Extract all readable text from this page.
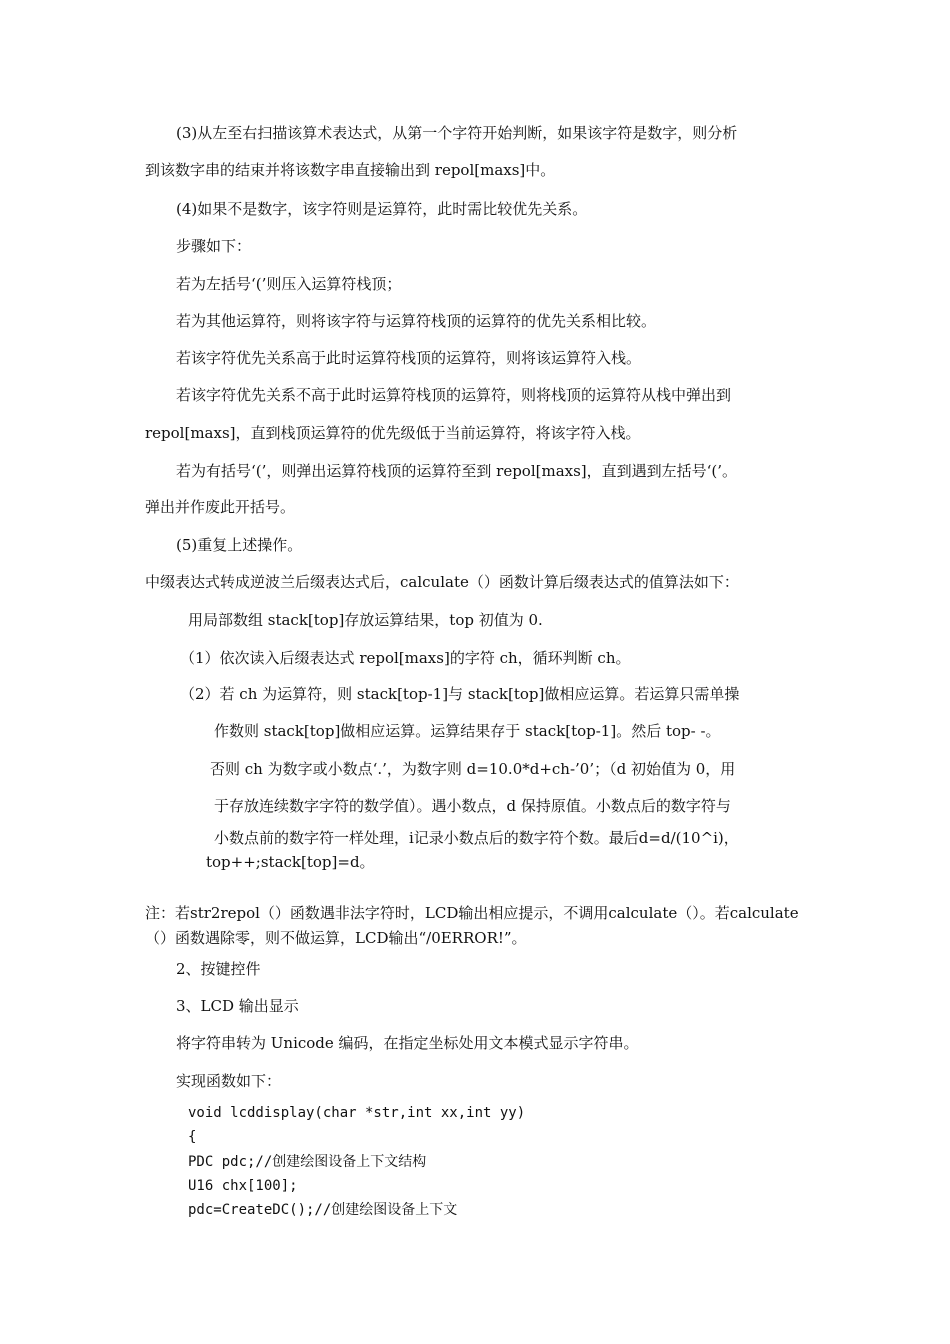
(3)从左至右扫描该算术表达式，从第一个字符开始判断，如果该字符是数字，则分析
到该数字串的结束并将该数字串直接输出到 repol[maxs]中。
(4)如果不是数字，该字符则是运算符，此时需比较优先关系。
步骤如下：
若为左括号‘(’则压入运算符栈顶；
若为其他运算符，则将该字符与运算符栈顶的运算符的优先关系相比较。
若该字符优先关系高于此时运算符栈顶的运算符，则将该运算符入栈。
若该字符优先关系不高于此时运算符栈顶的运算符，则将栈顶的运算符从栈中弹出到
repol[maxs]，直到栈顶运算符的优先级低于当前运算符，将该字符入栈。
若为有括号‘(’，则弹出运算符栈顶的运算符至到 repol[maxs]，直到遇到左括号‘(’。
弹出并作废此开括号。
(5)重复上述操作。
中缀表达式转成逆波兰后缀表达式后，calculate（）函数计算后缀表达式的值算法如下：
用局部数组 stack[top]存放运算结果，top 初值为 0.
（1）依次读入后缀表达式 repol[maxs]的字符 ch，循环判断 ch。
（2）若 ch 为运算符，则 stack[top-1]与 stack[top]做相应运算。若运算只需单操
作数则 stack[top]做相应运算。运算结果存于 stack[top-1]。然后 top- -。
否则 ch 为数字或小数点‘.’，为数字则 d=10.0*d+ch-’0’；（d 初始值为 0，用
于存放连续数字字符的数学值）。遇小数点，d 保持原值。小数点后的数字符与
小数点前的数字符一样处理，i记录小数点后的数字符个数。最后d=d/(10^i)，
top++;stack[top]=d。
注：若str2repol（）函数遇非法字符时，LCD输出相应提示，不调用calculate（）。若calculate
（）函数遇除零，则不做运算，LCD输出“/0ERROR!”。
2、按键控件
3、LCD 输出显示
将字符串转为 Unicode 编码，在指定坐标处用文本模式显示字符串。
实现函数如下：
void lcddisplay(char *str,int xx,int yy)
{
PDC pdc;//创建绘图设备上下文结构
U16 chx[100];
pdc=CreateDC();//创建绘图设备上下文
